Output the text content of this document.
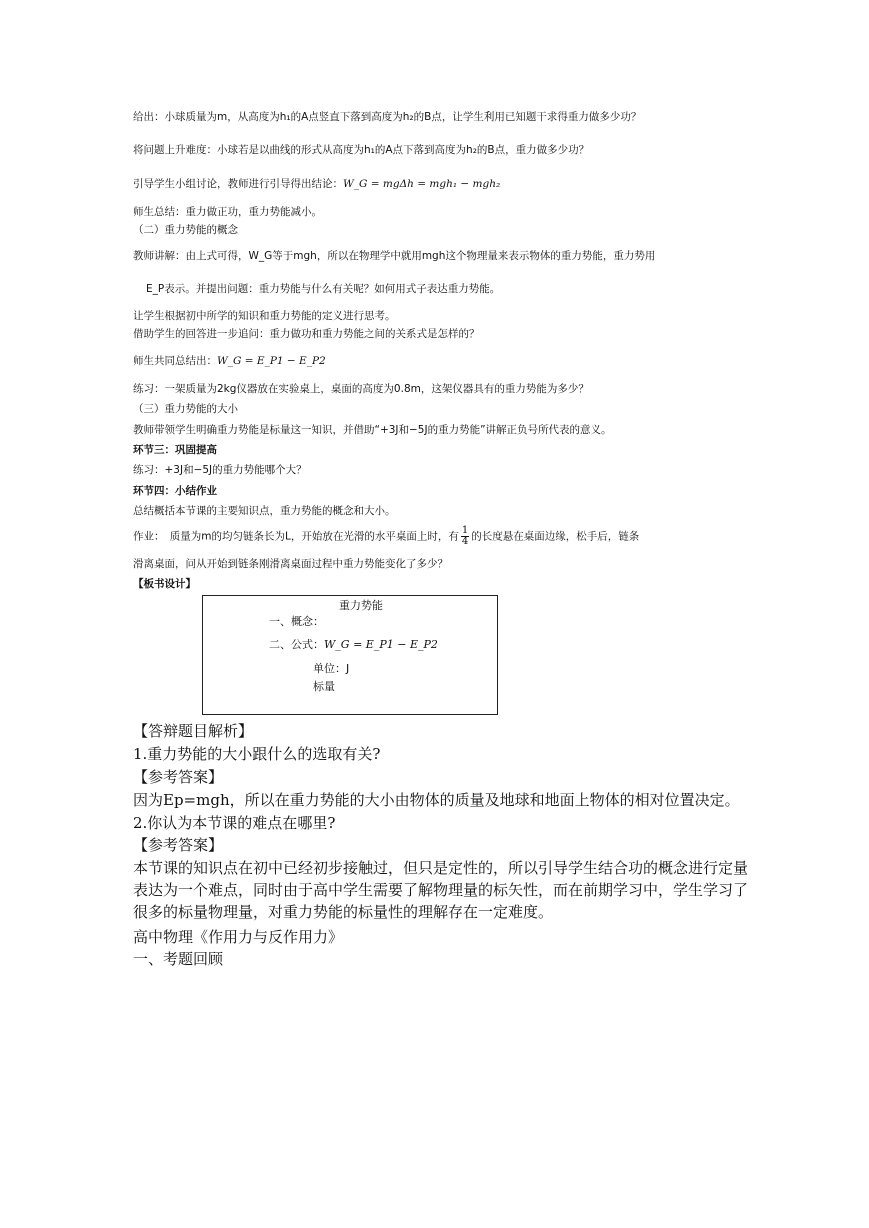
给出：小球质量为m，从高度为h₁的A点竖直下落到高度为h₂的B点，让学生利用已知题干求得重力做多少功？
将问题上升难度：小球若是以曲线的形式从高度为h₁的A点下落到高度为h₂的B点，重力做多少功？
引导学生小组讨论，教师进行引导得出结论：W_G = mgΔh = mgh₁ − mgh₂
师生总结：重力做正功，重力势能减小。
（二）重力势能的概念
教师讲解：由上式可得，W_G等于mgh，所以在物理学中就用mgh这个物理量来表示物体的重力势能，重力势用
E_P表示。并提出问题：重力势能与什么有关呢？如何用式子表达重力势能。
让学生根据初中所学的知识和重力势能的定义进行思考。
借助学生的回答进一步追问：重力做功和重力势能之间的关系式是怎样的？
师生共同总结出：W_G = E_P1 − E_P2
练习：一架质量为2kg仪器放在实验桌上，桌面的高度为0.8m，这架仪器具有的重力势能为多少？
（三）重力势能的大小
教师带领学生明确重力势能是标量这一知识，并借助“+3J和−5J的重力势能”讲解正负号所代表的意义。
环节三：巩固提高
练习：+3J和−5J的重力势能哪个大？
环节四：小结作业
总结概括本节课的主要知识点，重力势能的概念和大小。
作业：　质量为m的均匀链条长为L，开始放在光滑的水平桌面上时，有 $\frac{1}{4}$ 的长度悬在桌面边缘，松手后，链条
滑离桌面，问从开始到链条刚滑离桌面过程中重力势能变化了多少？
【板书设计】
重力势能
一、概念：
二、公式：W_G = E_P1 − E_P2
单位：J
标量
【答辩题目解析】
1.重力势能的大小跟什么的选取有关?
【参考答案】
因为Ep=mgh，所以在重力势能的大小由物体的质量及地球和地面上物体的相对位置决定。
2.你认为本节课的难点在哪里?
【参考答案】
本节课的知识点在初中已经初步接触过，但只是定性的，所以引导学生结合功的概念进行定量表达为一个难点，同时由于高中学生需要了解物理量的标矢性，而在前期学习中，学生学习了很多的标量物理量，对重力势能的标量性的理解存在一定难度。
高中物理《作用力与反作用力》
一、考题回顾
